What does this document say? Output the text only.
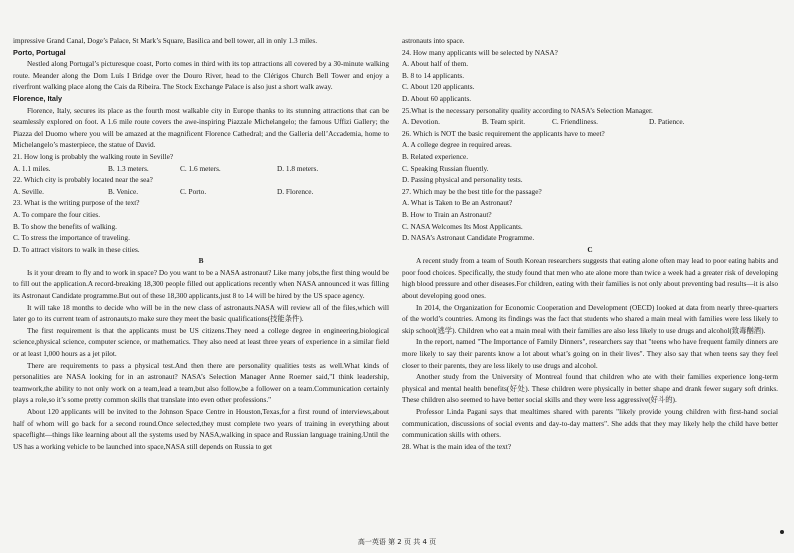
impressive Grand Canal, Doge’s Palace, St Mark’s Square, Basilica and bell tower, all in only 1.3 miles.

Porto, Portugal

Nestled along Portugal’s picturesque coast, Porto comes in third with its top attractions all covered by a 30-minute walking route. Meander along the Dom Luís I Bridge over the Douro River, head to the Clérigos Church Bell Tower and enjoy a riverfront walking place along the Cais da Ribeira. The Stock Exchange Palace is also just a short walk away.

Florence, Italy

Florence, Italy, secures its place as the fourth most walkable city in Europe thanks to its stunning attractions that can be seamlessly explored on foot. A 1.6 mile route covers the awe-inspiring Piazzale Michelangelo; the famous Uffizi Gallery; the Piazza del Duomo where you will be amazed at the magnificent Florence Cathedral; and the Galleria dell’Accademia, home to Michelangelo’s masterpiece, the statue of David.

21. How long is probably the walking route in Seville?

A. 1.1 miles.	B. 1.3 meters.	C. 1.6 meters.	D. 1.8 meters.

22. Which city is probably located near the sea?

A. Seville.	B. Venice.	C. Porto.	D. Florence.

23. What is the writing purpose of the text?

A. To compare the four cities.

B. To show the benefits of walking.

C. To stress the importance of traveling.

D. To attract visitors to walk in these cities.

B

Is it your dream to fly and to work in space? Do you want to be a NASA astronaut? Like many jobs,the first thing would be to fill out the application.A record-breaking 18,300 people filled out applications recently when NASA announced it was filling its Astronaut Candidate programme.But out of these 18,300 applicants,just 8 to 14 will be hired by the US space agency.

It will take 18 months to decide who will be in the new class of astronauts.NASA will review all of the files,which will later go to its current team of astronauts,to make sure they meet the basic qualifications(技能条件).

The first requirement is that the applicants must be US citizens.They need a college degree in engineering,biological science,physical science, computer science, or mathematics. They also need at least three years of experience in a similar field or at least 1,000 hours as a jet pilot.

There are requirements to pass a physical test.And then there are personality qualities tests as well.What kinds of personalities are NASA looking for in an astronaut? NASA’s Selection Manager Anne Roemer said,"I think leadership, teamwork,the ability to not only work on a team,lead a team,but also follow,be a follower on a team.Communication certainly plays a role,so it’s some pretty common skills that translate into even other professions."

About 120 applicants will be invited to the Johnson Space Centre in Houston,Texas,for a first round of interviews,about half of whom will go back for a second round.Once selected,they must complete two years of training in everything about spaceflight—things like learning about all the systems used by NASA,walking in space and Russian language training.Until the US has a working vehicle to be launched into space,NASA still depends on Russia to get

astronauts into space.

24. How many applicants will be selected by NASA?

A. About half of them.

B. 8 to 14 applicants.

C. About 120 applicants.

D. About 60 applicants.

25.What is the necessary personality quality according to NASA’s Selection Manager.

A. Devotion.	B. Team spirit.	C. Friendliness.	D. Patience.

26. Which is NOT the basic requirement the applicants have to meet?

A. A college degree in required areas.

B. Related experience.

C. Speaking Russian fluently.

D. Passing physical and personality tests.

27. Which may be the best title for the passage?

A. What is Taken to Be an Astronaut?

B. How to Train an Astronaut?

C. NASA Welcomes Its Most Applicants.

D. NASA’s Astronaut Candidate Programme.

C

A recent study from a team of South Korean researchers suggests that eating alone often may lead to poor eating habits and poor food choices. Specifically, the study found that men who ate alone more than twice a week had a greater risk of developing high blood pressure and other diseases.For children, eating with their families is not only about preventing bad results—it is also about developing good ones.

In 2014, the Organization for Economic Cooperation and Development (OECD) looked at data from nearly three-quarters of the world’s countries. Among its findings was the fact that students who shared a main meal with families were less likely to skip school(逃学). Children who eat a main meal with their families are also less likely to use drugs and alcohol(致毒酗酒).

In the report, named "The Importance of Family Dinners", researchers say that "teens who have frequent family dinners are more likely to say their parents know a lot about what’s going on in their lives". They also say that when teens say they feel closer to their parents, they are less likely to use drugs and alcohol.

Another study from the University of Montreal found that children who ate with their families experience long-term physical and mental health benefits(好处). These children were physically in better shape and drank fewer sugary soft drinks. These children also seemed to have better social skills and they were less aggressive(好斗的).

Professor Linda Pagani says that mealtimes shared with parents "likely provide young children with first-hand social communication, discussions of social events and day-to-day matters". She adds that they may likely help the child have better communication skills with others.

28. What is the main idea of the text?

高一英语 第 2 页 共 4 页
